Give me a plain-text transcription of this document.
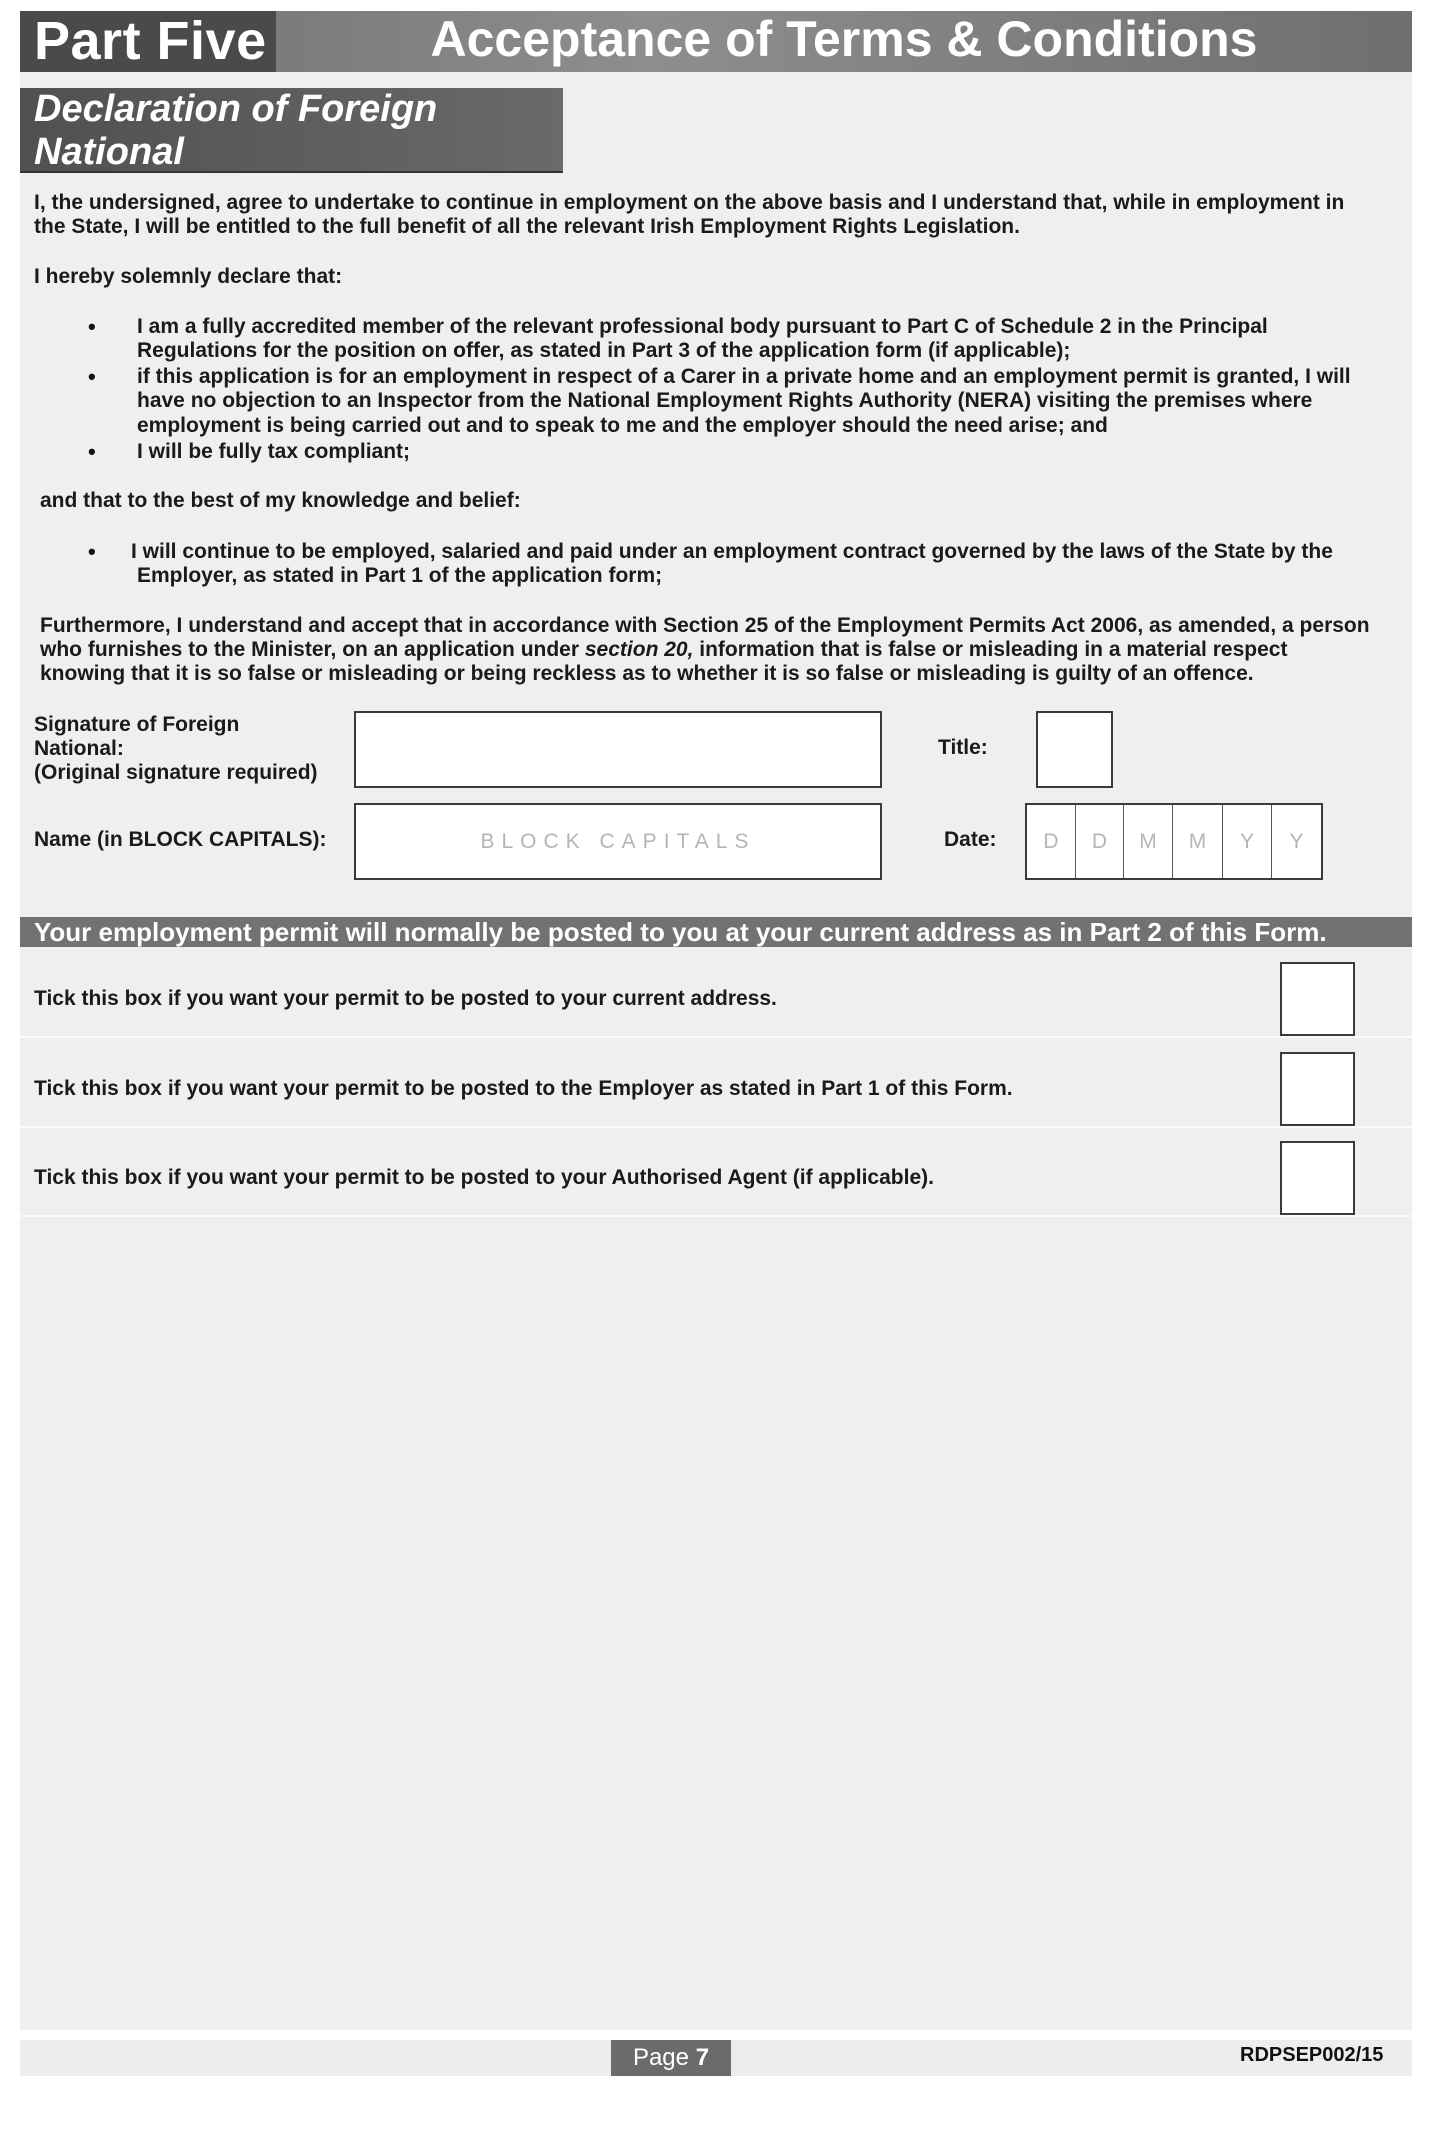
Part Five	Acceptance of Terms & Conditions
Declaration of Foreign
National
I, the undersigned, agree to undertake to continue in employment on the above basis and I understand that, while in employment in
the State, I will be entitled to the full benefit of all the relevant Irish Employment Rights Legislation.
I hereby solemnly declare that:
• I am a fully accredited member of the relevant professional body pursuant to Part C of Schedule 2 in the Principal
Regulations for the position on offer, as stated in Part 3 of the application form (if applicable);
• if this application is for an employment in respect of a Carer in a private home and an employment permit is granted, I will
have no objection to an Inspector from the National Employment Rights Authority (NERA) visiting the premises where
employment is being carried out and to speak to me and the employer should the need arise; and
• I will be fully tax compliant;
and that to the best of my knowledge and belief:
• I will continue to be employed, salaried and paid under an employment contract governed by the laws of the State by the
Employer, as stated in Part 1 of the application form;
Furthermore, I understand and accept that in accordance with Section 25 of the Employment Permits Act 2006, as amended, a person
who furnishes to the Minister, on an application under section 20, information that is false or misleading in a material respect
knowing that it is so false or misleading or being reckless as to whether it is so false or misleading is guilty of an offence.
Signature of Foreign
National:
(Original signature required)
Title:
Name (in BLOCK CAPITALS):	BLOCK CAPITALS	Date:	D	D	M	M	Y	Y
Your employment permit will normally be posted to you at your current address as in Part 2 of this Form.
Tick this box if you want your permit to be posted to your current address.
Tick this box if you want your permit to be posted to the Employer as stated in Part 1 of this Form.
Tick this box if you want your permit to be posted to your Authorised Agent (if applicable).
Page 7	RDPSEP002/15
